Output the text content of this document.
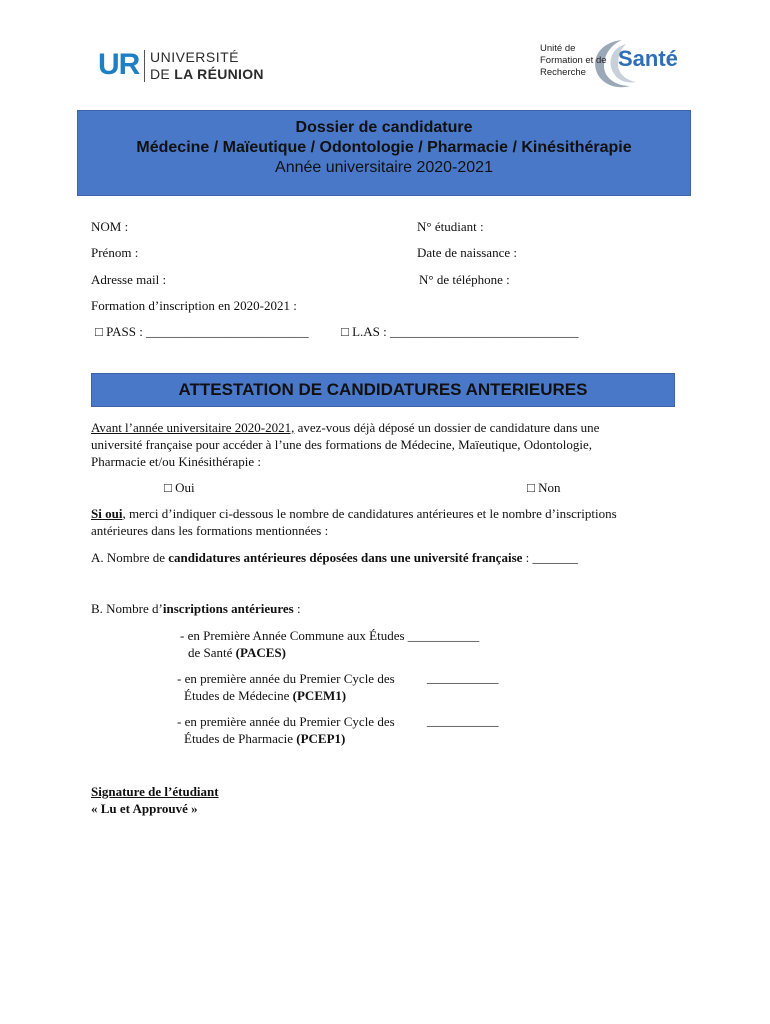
UR UNIVERSITÉ
DE LA RÉUNION
Unité de
Formation et de
Recherche
Santé
Dossier de candidature
Médecine / Maïeutique / Odontologie / Pharmacie / Kinésithérapie
Année universitaire 2020-2021
NOM :	N° étudiant :
Prénom :	Date de naissance :
Adresse mail :	N° de téléphone :
Formation d’inscription en 2020-2021 :
□ PASS : _________________________ □ L.AS : _____________________________
ATTESTATION DE CANDIDATURES ANTERIEURES
Avant l’année universitaire 2020-2021, avez-vous déjà déposé un dossier de candidature dans une
université française pour accéder à l’une des formations de Médecine, Maïeutique, Odontologie,
Pharmacie et/ou Kinésithérapie :
□ Oui	□ Non
Si oui, merci d’indiquer ci-dessous le nombre de candidatures antérieures et le nombre d’inscriptions
antérieures dans les formations mentionnées :
A. Nombre de candidatures antérieures déposées dans une université française : _______
B. Nombre d’inscriptions antérieures :
- en Première Année Commune aux Études ___________
de Santé (PACES)
- en première année du Premier Cycle des
Études de Médecine (PCEM1)
___________
- en première année du Premier Cycle des
Études de Pharmacie (PCEP1)
___________
Signature de l’étudiant
« Lu et Approuvé »
